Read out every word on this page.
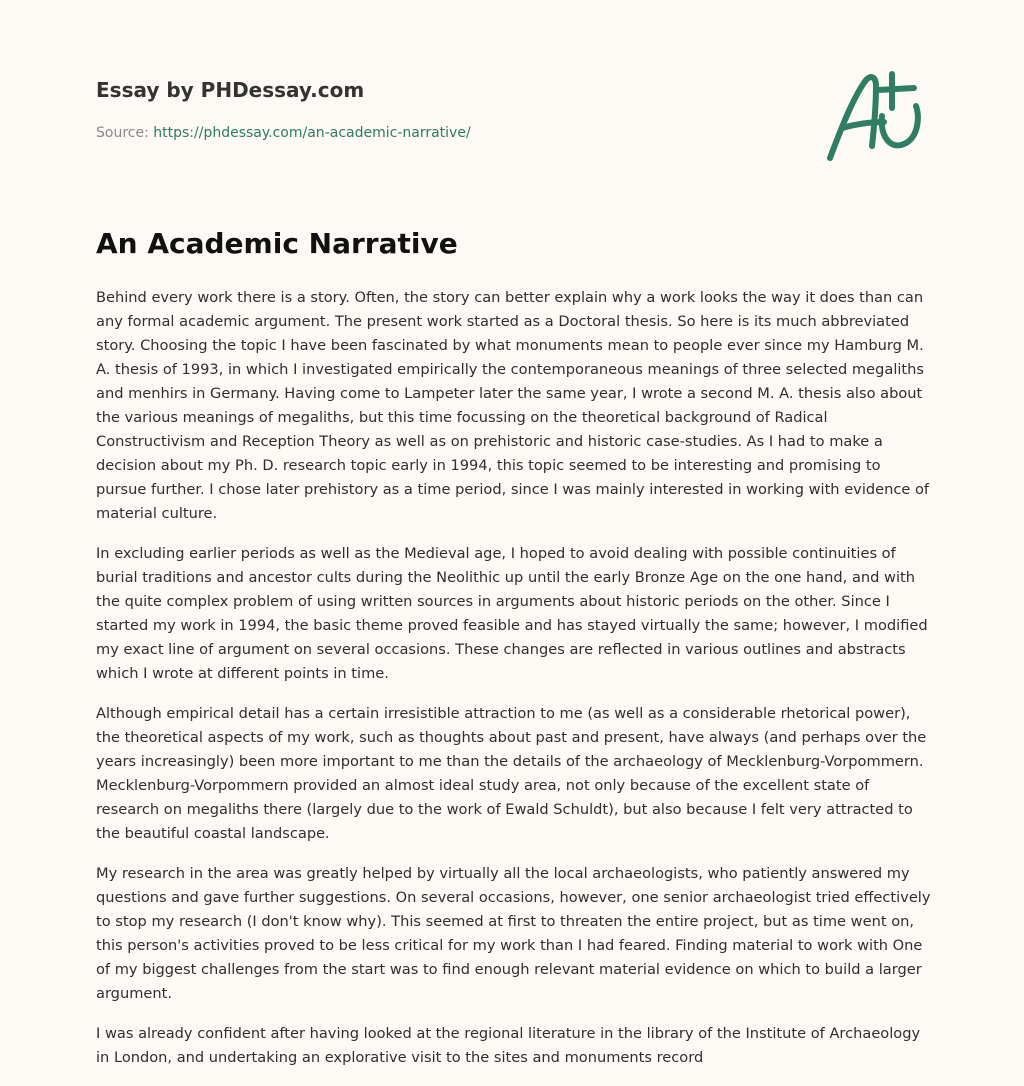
Essay by PHDessay.com

Source: https://phdessay.com/an-academic-narrative/

An Academic Narrative

Behind every work there is a story. Often, the story can better explain why a work looks the way it does than can any formal academic argument. The present work started as a Doctoral thesis. So here is its much abbreviated story. Choosing the topic I have been fascinated by what monuments mean to people ever since my Hamburg M. A. thesis of 1993, in which I investigated empirically the contemporaneous meanings of three selected megaliths and menhirs in Germany. Having come to Lampeter later the same year, I wrote a second M. A. thesis also about the various meanings of megaliths, but this time focussing on the theoretical background of Radical Constructivism and Reception Theory as well as on prehistoric and historic case-studies. As I had to make a decision about my Ph. D. research topic early in 1994, this topic seemed to be interesting and promising to pursue further. I chose later prehistory as a time period, since I was mainly interested in working with evidence of material culture.

In excluding earlier periods as well as the Medieval age, I hoped to avoid dealing with possible continuities of burial traditions and ancestor cults during the Neolithic up until the early Bronze Age on the one hand, and with the quite complex problem of using written sources in arguments about historic periods on the other. Since I started my work in 1994, the basic theme proved feasible and has stayed virtually the same; however, I modified my exact line of argument on several occasions. These changes are reflected in various outlines and abstracts which I wrote at different points in time.

Although empirical detail has a certain irresistible attraction to me (as well as a considerable rhetorical power), the theoretical aspects of my work, such as thoughts about past and present, have always (and perhaps over the years increasingly) been more important to me than the details of the archaeology of Mecklenburg-Vorpommern. Mecklenburg-Vorpommern provided an almost ideal study area, not only because of the excellent state of research on megaliths there (largely due to the work of Ewald Schuldt), but also because I felt very attracted to the beautiful coastal landscape.

My research in the area was greatly helped by virtually all the local archaeologists, who patiently answered my questions and gave further suggestions. On several occasions, however, one senior archaeologist tried effectively to stop my research (I don't know why). This seemed at first to threaten the entire project, but as time went on, this person's activities proved to be less critical for my work than I had feared. Finding material to work with One of my biggest challenges from the start was to find enough relevant material evidence on which to build a larger argument.

I was already confident after having looked at the regional literature in the library of the Institute of Archaeology in London, and undertaking an explorative visit to the sites and monuments record
